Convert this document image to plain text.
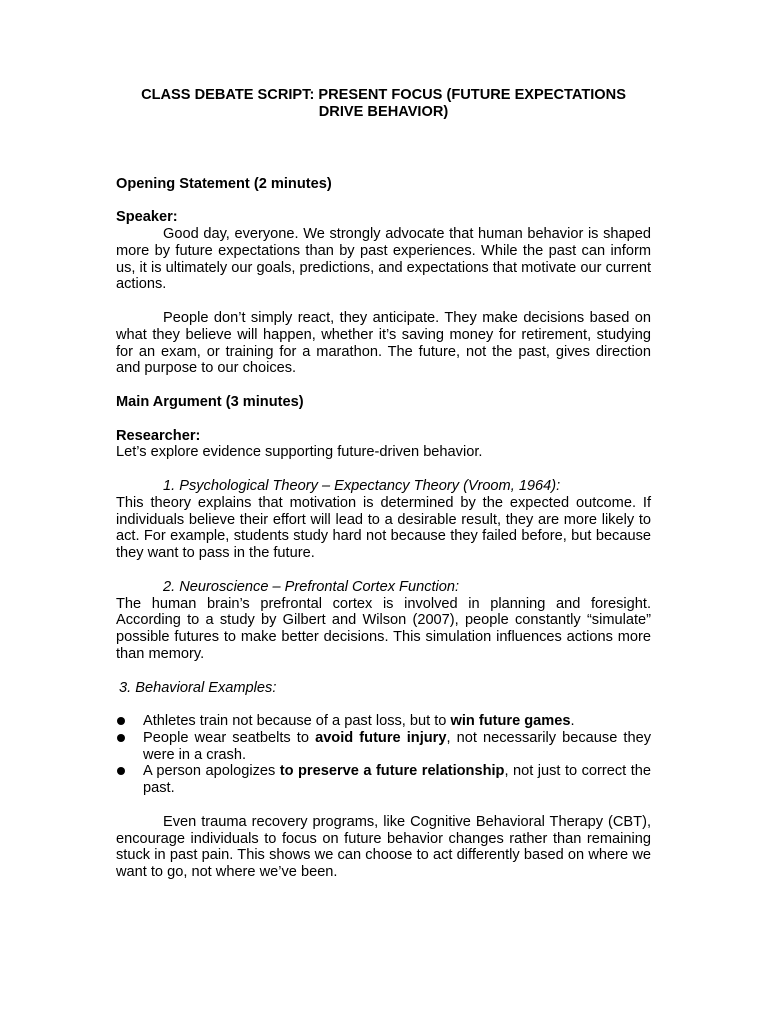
CLASS DEBATE SCRIPT: PRESENT FOCUS (FUTURE EXPECTATIONS
DRIVE BEHAVIOR)

Opening Statement (2 minutes)

Speaker:

Good day, everyone. We strongly advocate that human behavior is shaped more by future expectations than by past experiences. While the past can inform us, it is ultimately our goals, predictions, and expectations that motivate our current actions.

People don’t simply react, they anticipate. They make decisions based on what they believe will happen, whether it’s saving money for retirement, studying for an exam, or training for a marathon. The future, not the past, gives direction and purpose to our choices.

Main Argument (3 minutes)

Researcher:

Let’s explore evidence supporting future-driven behavior.

1. Psychological Theory – Expectancy Theory (Vroom, 1964):

This theory explains that motivation is determined by the expected outcome. If individuals believe their effort will lead to a desirable result, they are more likely to act. For example, students study hard not because they failed before, but because they want to pass in the future.

2. Neuroscience – Prefrontal Cortex Function:

The human brain’s prefrontal cortex is involved in planning and foresight. According to a study by Gilbert and Wilson (2007), people constantly “simulate” possible futures to make better decisions. This simulation influences actions more than memory.

3. Behavioral Examples:

Athletes train not because of a past loss, but to win future games.
People wear seatbelts to avoid future injury, not necessarily because they were in a crash.
A person apologizes to preserve a future relationship, not just to correct the past.

Even trauma recovery programs, like Cognitive Behavioral Therapy (CBT), encourage individuals to focus on future behavior changes rather than remaining stuck in past pain. This shows we can choose to act differently based on where we want to go, not where we’ve been.
